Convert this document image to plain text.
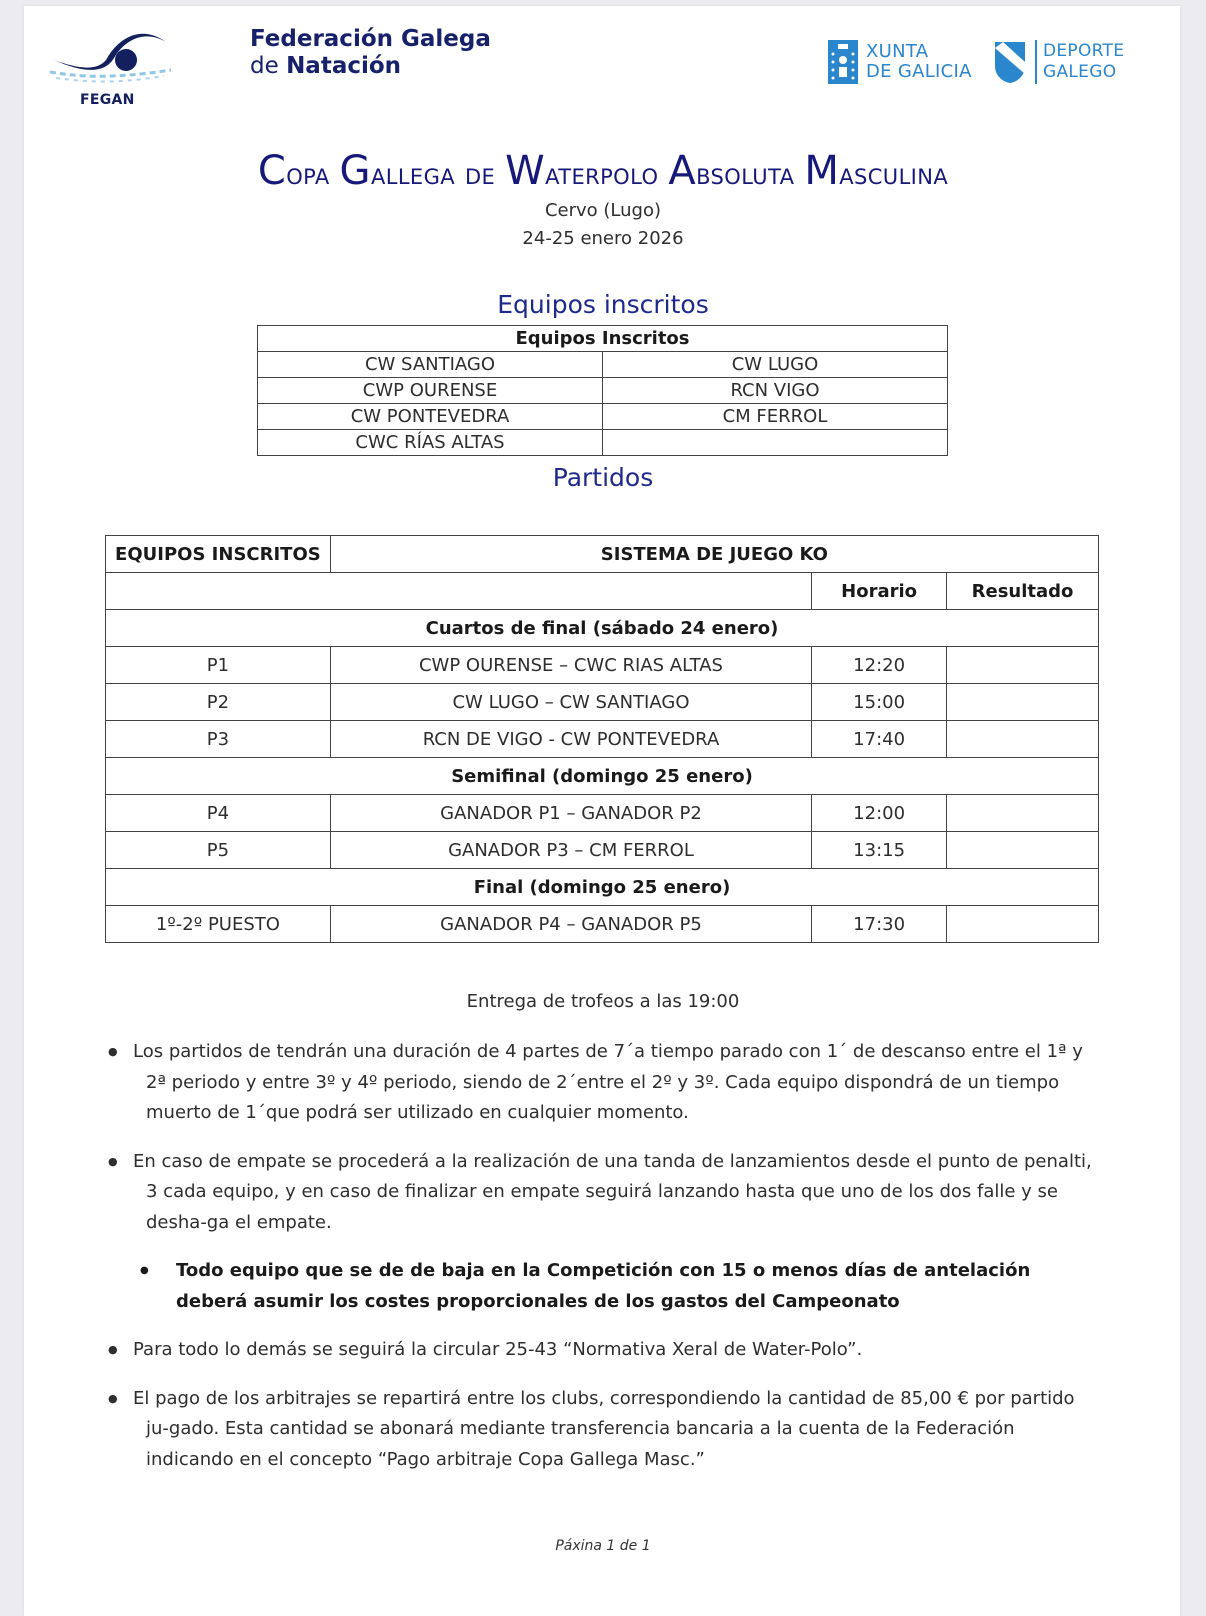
FEGAN
Federación Galega
de Natación
XUNTA
DE GALICIA
DEPORTE
GALEGO
Copa Gallega de Waterpolo Absoluta Masculina
Cervo (Lugo)
24-25 enero 2026
Equipos inscritos
Equipos Inscritos	
CW SANTIAGO	CW LUGO
CWP OURENSE	RCN VIGO
CW PONTEVEDRA	CM FERROL
CWC RÍAS ALTAS	
Partidos
EQUIPOS INSCRITOS	SISTEMA DE JUEGO KO		
		Horario	Resultado
Cuartos de final (sábado 24 enero)			
P1	CWP OURENSE – CWC RIAS ALTAS	12:20	
P2	CW LUGO – CW SANTIAGO	15:00	
P3	RCN DE VIGO - CW PONTEVEDRA	17:40	
Semifinal (domingo 25 enero)			
P4	GANADOR P1 – GANADOR P2	12:00	
P5	GANADOR P3 – CM FERROL	13:15	
Final (domingo 25 enero)			
1º-2º PUESTO	GANADOR P4 – GANADOR P5	17:30	
Entrega de trofeos a las 19:00
● Los partidos de tendrán una duración de 4 partes de 7´a tiempo parado con 1´ de descanso entre el 1ª y 2ª periodo y entre 3º y 4º periodo, siendo de 2´entre el 2º y 3º. Cada equipo dispondrá de un tiempo muerto de 1´que podrá ser utilizado en cualquier momento.

● En caso de empate se procederá a la realización de una tanda de lanzamientos desde el punto de penalti, 3 cada equipo, y en caso de finalizar en empate seguirá lanzando hasta que uno de los dos falle y se desha-ga el empate.

●	Todo equipo que se de de baja en la Competición con 15 o menos días de antelación deberá asumir los costes proporcionales de los gastos del Campeonato

● Para todo lo demás se seguirá la circular 25-43 “Normativa Xeral de Water-Polo”.

● El pago de los arbitrajes se repartirá entre los clubs, correspondiendo la cantidad de 85,00 € por partido ju-gado. Esta cantidad se abonará mediante transferencia bancaria a la cuenta de la Federación indicando en el concepto “Pago arbitraje Copa Gallega Masc.”

Páxina 1 de 1
